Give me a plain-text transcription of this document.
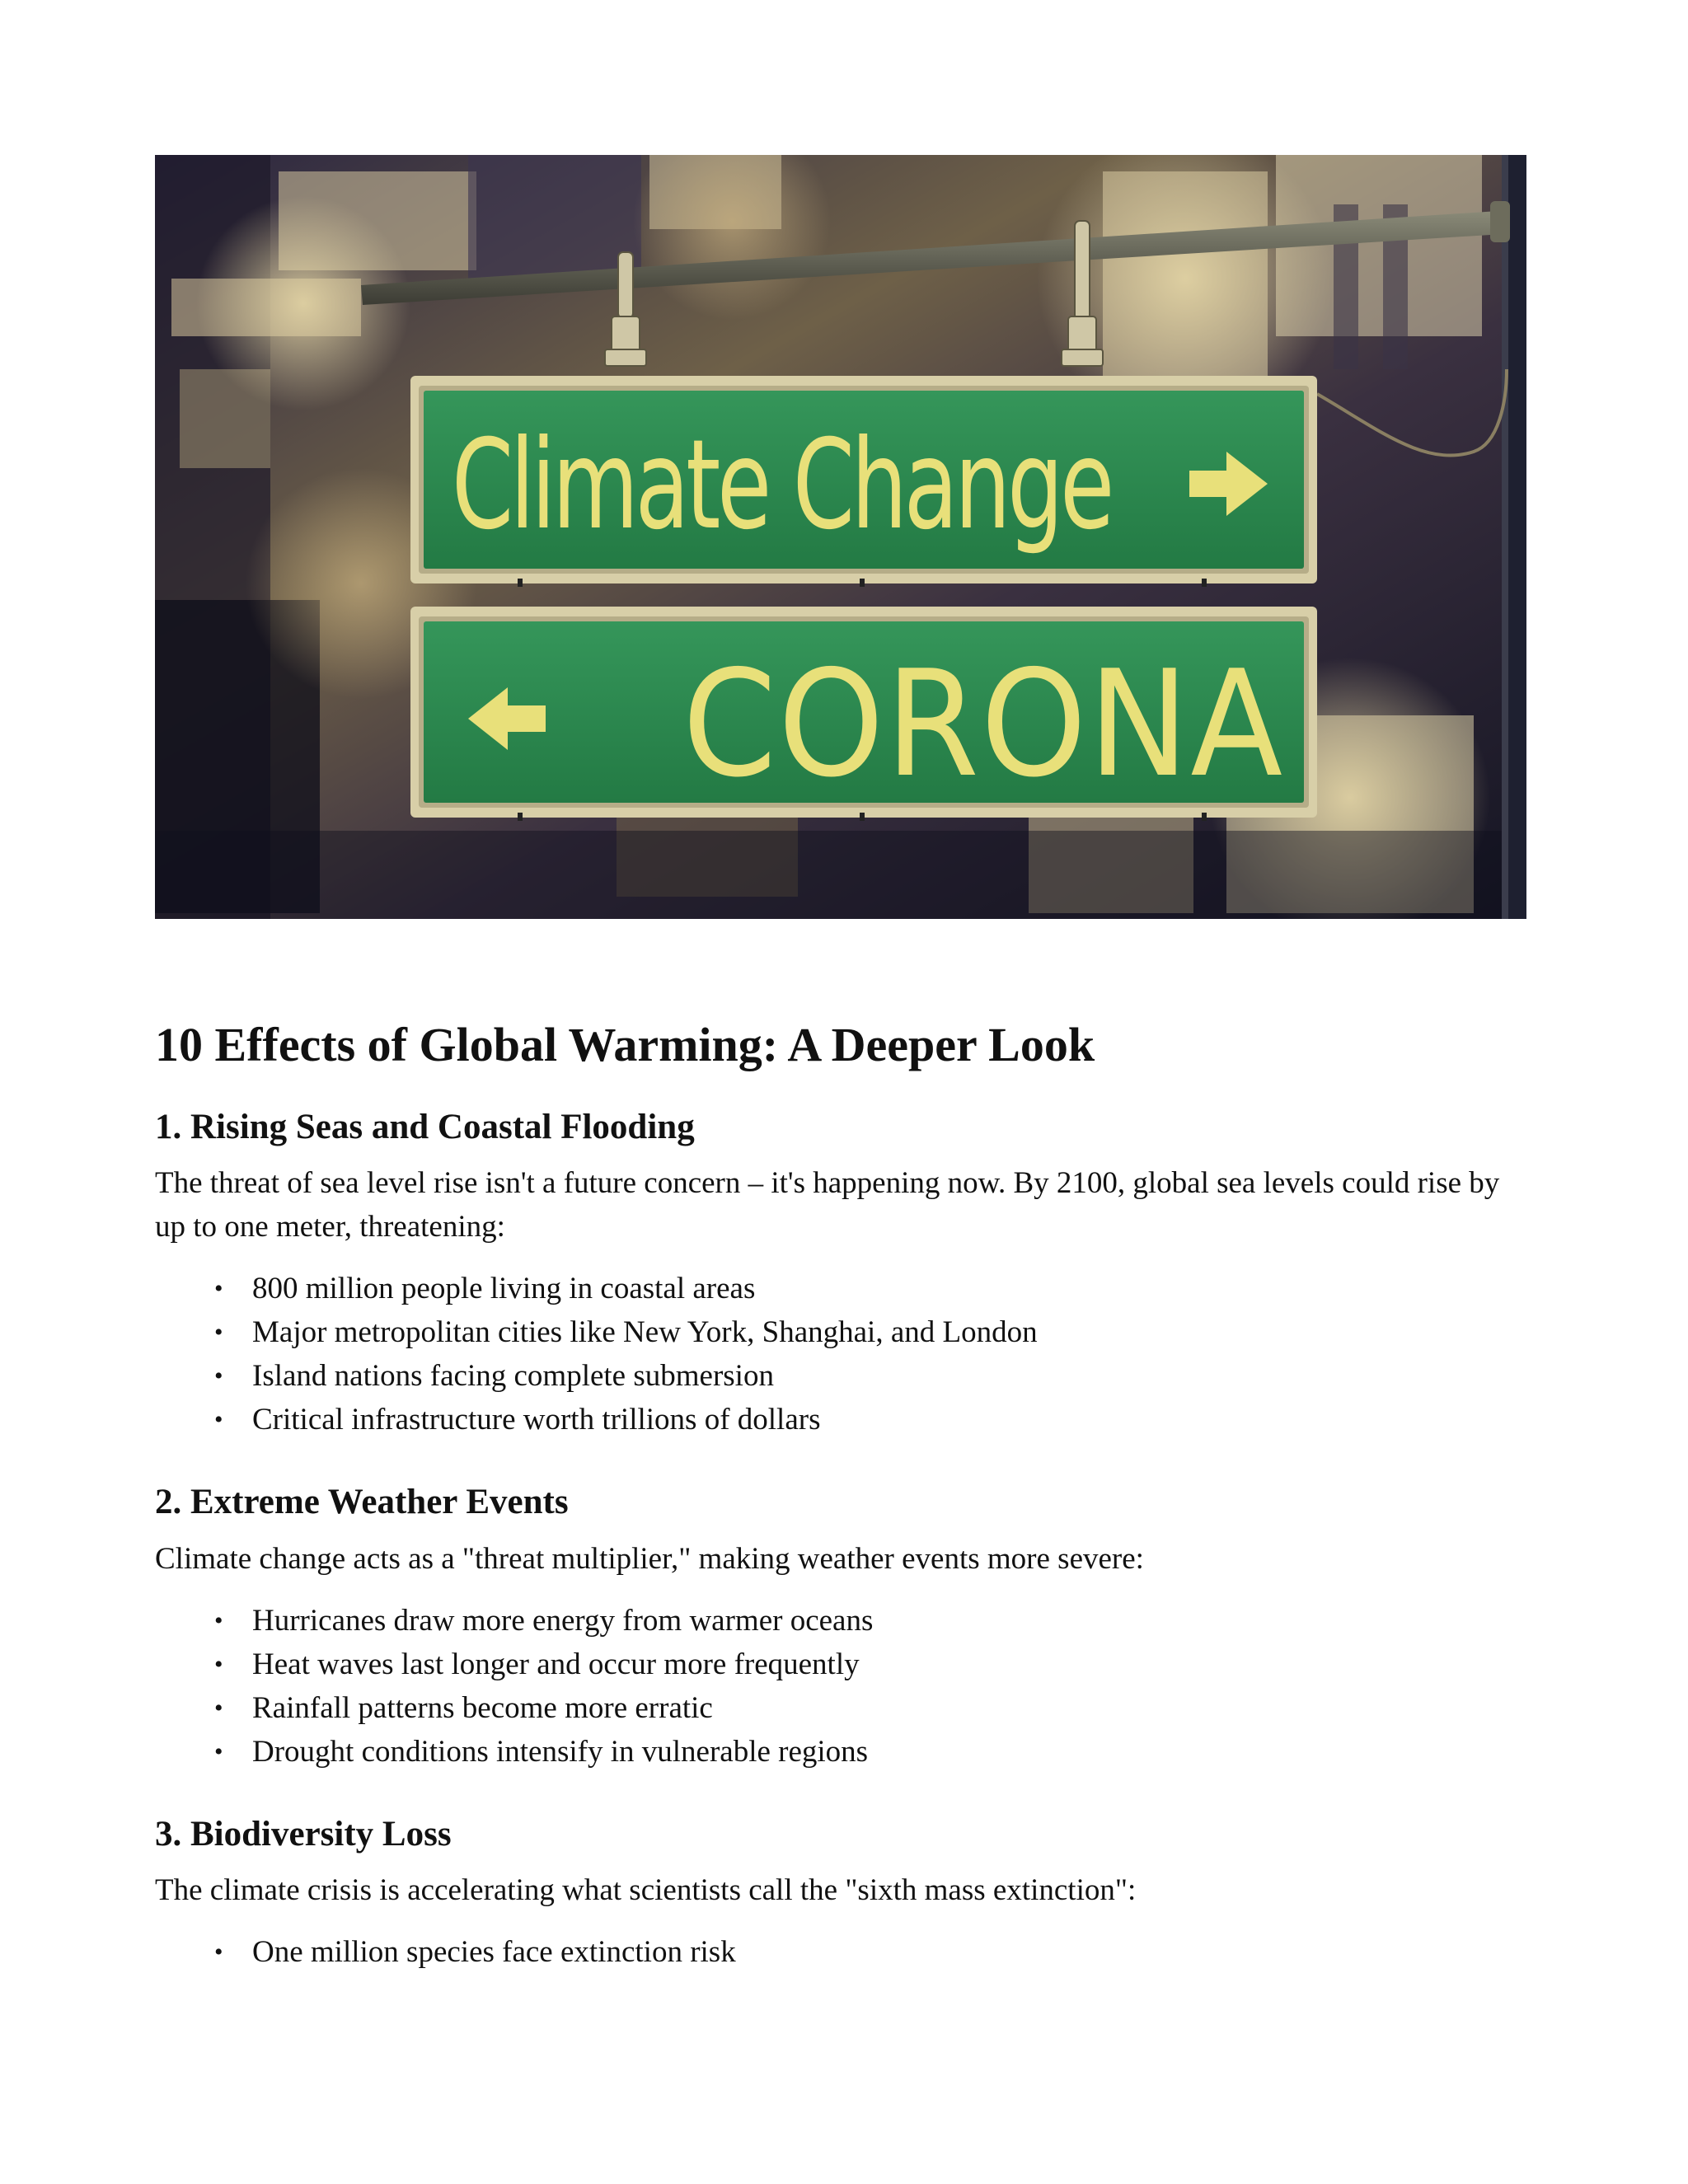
Climate Change
CORONA
10 Effects of Global Warming: A Deeper Look
1. Rising Seas and Coastal Flooding

The threat of sea level rise isn't a future concern – it's happening now. By 2100, global sea levels could rise by up to one meter, threatening:

• 800 million people living in coastal areas
• Major metropolitan cities like New York, Shanghai, and London
• Island nations facing complete submersion
• Critical infrastructure worth trillions of dollars
2. Extreme Weather Events

Climate change acts as a "threat multiplier," making weather events more severe:

• Hurricanes draw more energy from warmer oceans
• Heat waves last longer and occur more frequently
• Rainfall patterns become more erratic
• Drought conditions intensify in vulnerable regions
3. Biodiversity Loss

The climate crisis is accelerating what scientists call the "sixth mass extinction":

• One million species face extinction risk
